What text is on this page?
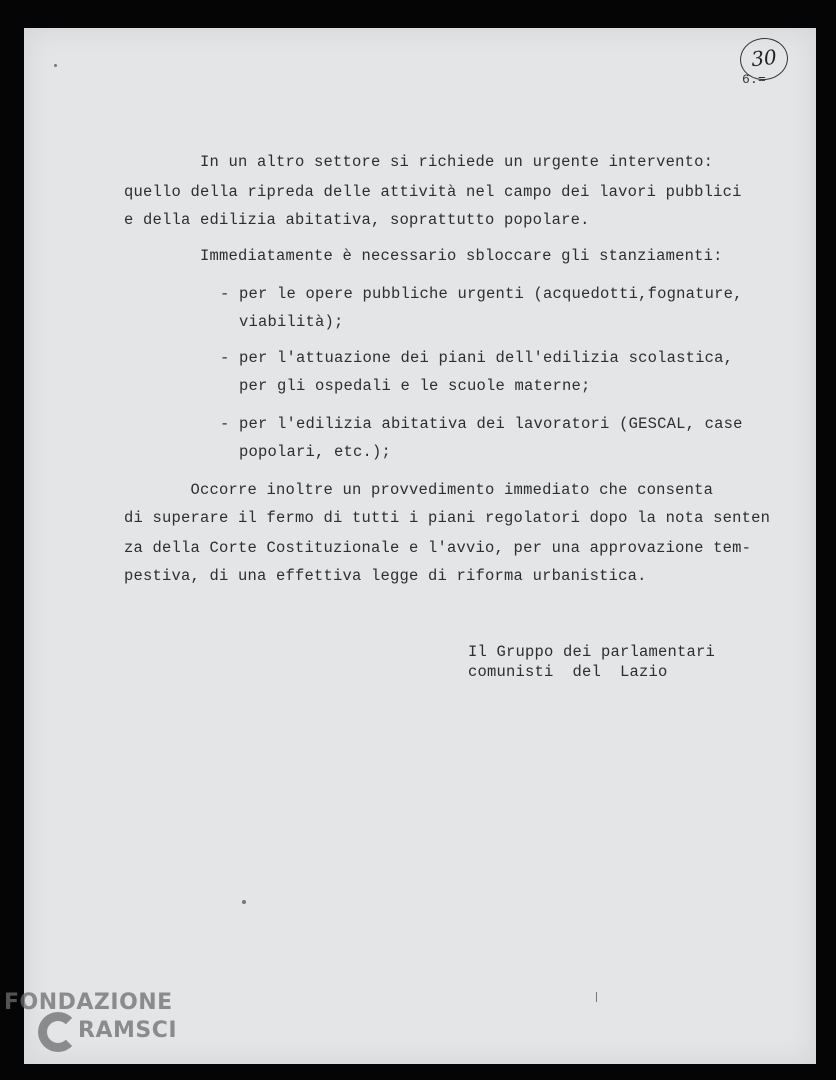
30
6.=
In un altro settore si richiede un urgente intervento:
quello della ripreda delle attività nel campo dei lavori pubblici
e della edilizia abitativa, soprattutto popolare.
Immediatamente è necessario sbloccare gli stanziamenti:
- per le opere pubbliche urgenti (acquedotti,fognature,
viabilità);
- per l'attuazione dei piani dell'edilizia scolastica,
per gli ospedali e le scuole materne;
- per l'edilizia abitativa dei lavoratori (GESCAL, case
popolari, etc.);
Occorre inoltre un provvedimento immediato che consenta
di superare il fermo di tutti i piani regolatori dopo la nota senten
za della Corte Costituzionale e l'avvio, per una approvazione tem-
pestiva, di una effettiva legge di riforma urbanistica.
Il Gruppo dei parlamentari
comunisti  del  Lazio
FONDAZIONE
RAMSCI
